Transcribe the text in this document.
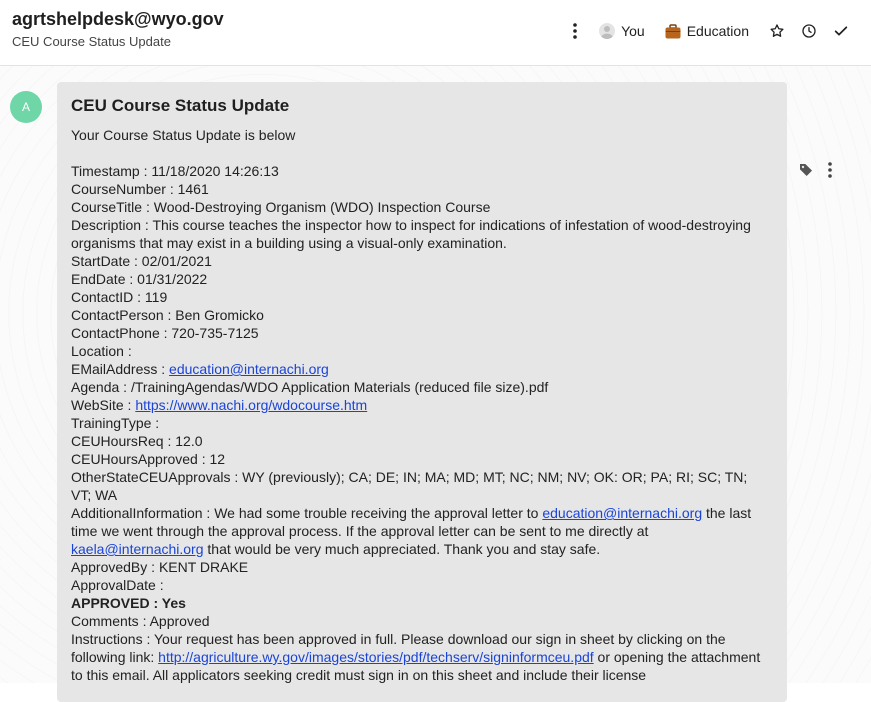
agrtshelpdesk@wyo.gov
CEU Course Status Update
You	Education
A	CEU Course Status Update
Your Course Status Update is below
Timestamp : 11/18/2020 14:26:13
CourseNumber : 1461
CourseTitle : Wood-Destroying Organism (WDO) Inspection Course
Description : This course teaches the inspector how to inspect for indications of infestation of wood-destroying organisms that may exist in a building using a visual-only examination.
StartDate : 02/01/2021
EndDate : 01/31/2022
ContactID : 119
ContactPerson : Ben Gromicko
ContactPhone : 720-735-7125
Location :
EMailAddress : education@internachi.org
Agenda : /TrainingAgendas/WDO Application Materials (reduced file size).pdf
WebSite : https://www.nachi.org/wdocourse.htm
TrainingType :
CEUHoursReq : 12.0
CEUHoursApproved : 12
OtherStateCEUApprovals : WY (previously); CA; DE; IN; MA; MD; MT; NC; NM; NV; OK: OR; PA; RI; SC; TN; VT; WA
AdditionalInformation : We had some trouble receiving the approval letter to education@internachi.org the last time we went through the approval process. If the approval letter can be sent to me directly at kaela@internachi.org that would be very much appreciated. Thank you and stay safe.
ApprovedBy : KENT DRAKE
ApprovalDate :
APPROVED : Yes
Comments : Approved
Instructions : Your request has been approved in full. Please download our sign in sheet by clicking on the following link: http://agriculture.wy.gov/images/stories/pdf/techserv/signinformceu.pdf or opening the attachment to this email. All applicators seeking credit must sign in on this sheet and include their license
